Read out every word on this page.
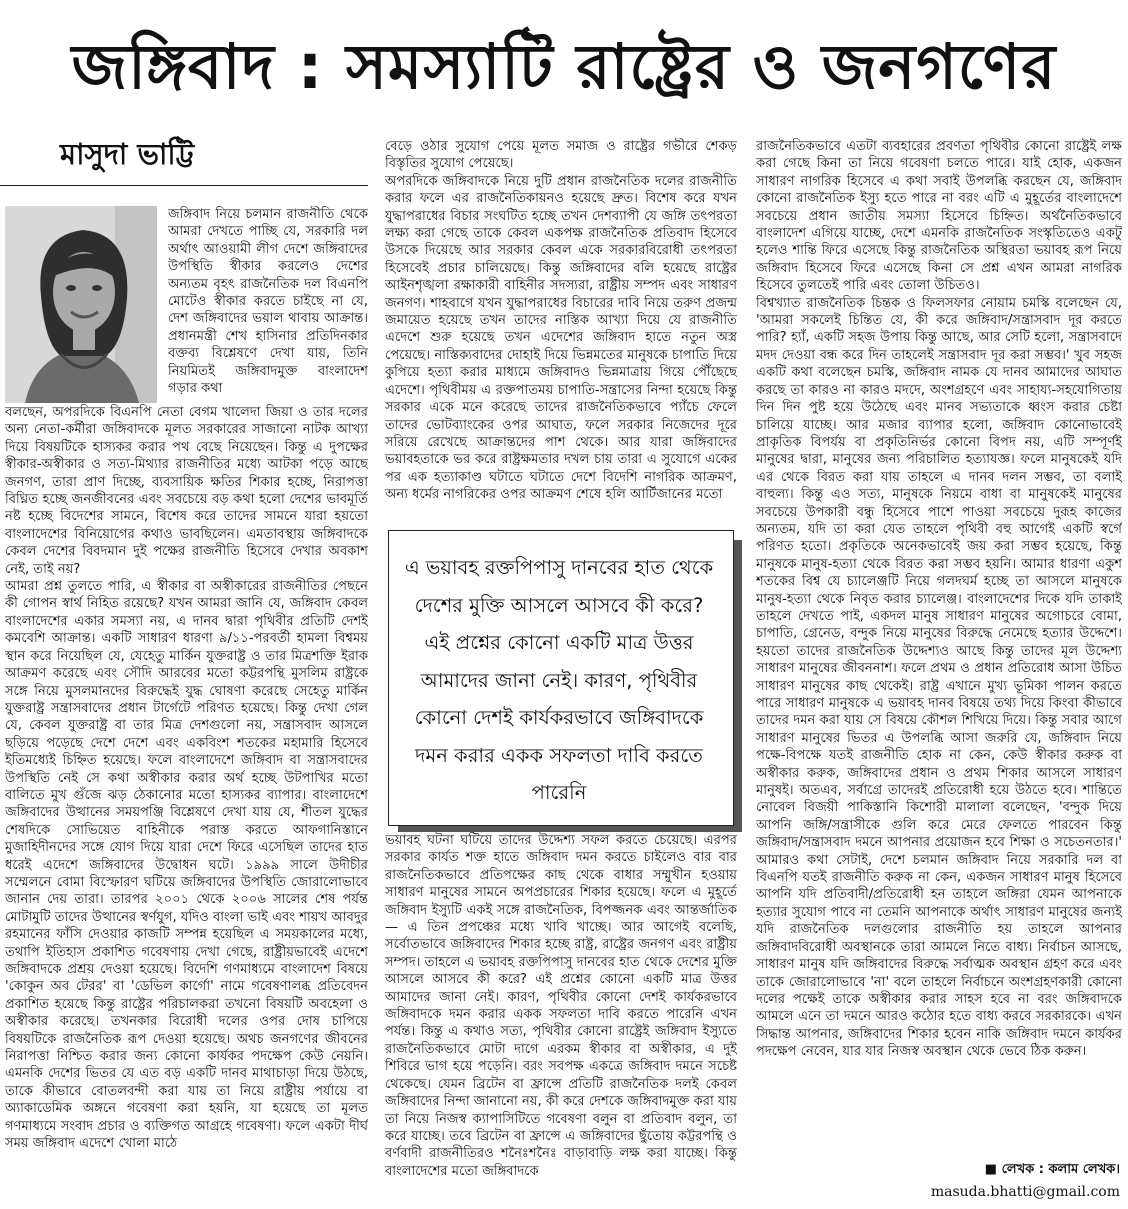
জঙ্গিবাদ : সমস্যাটি রাষ্ট্রের ও জনগণের
মাসুদা ভাট্টি

জঙ্গিবাদ নিয়ে চলমান রাজনীতি থেকে আমরা দেখতে পাচ্ছি যে, সরকারি দল অর্থাৎ আওয়ামী লীগ দেশে জঙ্গিবাদের উপস্থিতি স্বীকার করলেও দেশের অন্যতম বৃহৎ রাজনৈতিক দল বিএনপি মোটেও স্বীকার করতে চাইছে না যে, দেশ জঙ্গিবাদের ভয়াল থাবায় আক্রান্ত। প্রধানমন্ত্রী শেখ হাসিনার প্রতিদিনকার বক্তব্য বিশ্লেষণে দেখা যায়, তিনি নিয়মিতই জঙ্গিবাদমুক্ত বাংলাদেশ গড়ার কথা

বলছেন, অপরদিকে বিএনপি নেতা বেগম খালেদা জিয়া ও তার দলের অন্য নেতা-কর্মীরা জঙ্গিবাদকে মূলত সরকারের সাজানো নাটক আখ্যা দিয়ে বিষয়টিকে হাস্যকর করার পথ বেছে নিয়েছেন। কিন্তু এ দুপক্ষের স্বীকার-অস্বীকার ও সত্য-মিথ্যার রাজনীতির মধ্যে আটকা পড়ে আছে জনগণ, তারা প্রাণ দিচ্ছে, ব্যবসায়িক ক্ষতির শিকার হচ্ছে, নিরাপত্তা বিঘ্নিত হচ্ছে জনজীবনের এবং সবচেয়ে বড় কথা হলো দেশের ভাবমূর্তি নষ্ট হচ্ছে বিদেশের সামনে, বিশেষ করে তাদের সামনে যারা হয়তো বাংলাদেশের বিনিয়োগের কথাও ভাবছিলেন। এমতাবস্থায় জঙ্গিবাদকে কেবল দেশের বিবদমান দুই পক্ষের রাজনীতি হিসেবে দেখার অবকাশ নেই, তাই নয়?
আমরা প্রশ্ন তুলতে পারি, এ স্বীকার বা অস্বীকারের রাজনীতির পেছনে কী গোপন স্বার্থ নিহিত রয়েছে? যখন আমরা জানি যে, জঙ্গিবাদ কেবল বাংলাদেশের একার সমস্যা নয়, এ দানব দ্বারা পৃথিবীর প্রতিটি দেশই কমবেশি আক্রান্ত। একটি সাধারণ ধারণা ৯/১১-পরবর্তী হামলা বিশ্বময় স্থান করে নিয়েছিল যে, যেহেতু মার্কিন যুক্তরাষ্ট্র ও তার মিত্রশক্তি ইরাক আক্রমণ করেছে এবং সৌদি আরবের মতো কট্টরপন্থি মুসলিম রাষ্ট্রকে সঙ্গে নিয়ে মুসলমানদের বিরুদ্ধেই যুদ্ধ ঘোষণা করেছে সেহেতু মার্কিন যুক্তরাষ্ট্র সন্ত্রাসবাদের প্রধান টার্গেটে পরিণত হয়েছে। কিন্তু দেখা গেল যে, কেবল যুক্তরাষ্ট্র বা তার মিত্র দেশগুলো নয়, সন্ত্রাসবাদ আসলে ছড়িয়ে পড়েছে দেশে দেশে এবং একবিংশ শতকের মহামারি হিসেবে ইতিমধ্যেই চিহ্নিত হয়েছে। ফলে বাংলাদেশে জঙ্গিবাদ বা সন্ত্রাসবাদের উপস্থিতি নেই সে কথা অস্বীকার করার অর্থ হচ্ছে উটপাখির মতো বালিতে মুখ গুঁজে ঝড় ঠেকানোর মতো হাস্যকর ব্যাপার। বাংলাদেশে জঙ্গিবাদের উত্থানের সময়পঞ্জি বিশ্লেষণে দেখা যায় যে, শীতল যুদ্ধের শেষদিকে সোভিয়েত বাহিনীকে পরাস্ত করতে আফগানিস্তানে মুজাহিদীনদের সঙ্গে যোগ দিয়ে যারা দেশে ফিরে এসেছিল তাদের হাত ধরেই এদেশে জঙ্গিবাদের উদ্বোধন ঘটে। ১৯৯৯ সালে উদীচীর সম্মেলনে বোমা বিস্ফোরণ ঘটিয়ে জঙ্গিবাদের উপস্থিতি জোরালোভাবে জানান দেয় তারা। তারপর ২০০১ থেকে ২০০৬ সালের শেষ পর্যন্ত মোটামুটি তাদের উত্থানের স্বর্ণযুগ, যদিও বাংলা ভাই এবং শায়খ আবদুর রহমানের ফাঁসি দেওয়ার কাজটি সম্পন্ন হয়েছিল এ সময়কালের মধ্যে, তথাপি ইতিহাস প্রকাশিত গবেষণায় দেখা গেছে, রাষ্ট্রীয়ভাবেই এদেশে জঙ্গিবাদকে প্রশ্রয় দেওয়া হয়েছে। বিদেশি গণমাধ্যমে বাংলাদেশ বিষয়ে 'কোকুন অব টেরর' বা 'ডেভিল কার্গো' নামে গবেষণালব্ধ প্রতিবেদন প্রকাশিত হয়েছে কিন্তু রাষ্ট্রের পরিচালকরা তখনো বিষয়টি অবহেলা ও অস্বীকার করেছে। তখনকার বিরোধী দলের ওপর দোষ চাপিয়ে বিষয়টিকে রাজনৈতিক রূপ দেওয়া হয়েছে। অথচ জনগণের জীবনের নিরাপত্তা নিশ্চিত করার জন্য কোনো কার্যকর পদক্ষেপ কেউ নেয়নি। এমনকি দেশের ভিতর যে এত বড় একটি দানব মাথাচাড়া দিয়ে উঠছে, তাকে কীভাবে বোতলবন্দী করা যায় তা নিয়ে রাষ্ট্রীয় পর্যায়ে বা অ্যাকাডেমিক অঙ্গনে গবেষণা করা হয়নি, যা হয়েছে তা মূলত গণমাধ্যমে সংবাদ প্রচার ও ব্যক্তিগত আগ্রহে গবেষণা। ফলে একটা দীর্ঘ সময় জঙ্গিবাদ এদেশে খোলা মাঠে

বেড়ে ওঠার সুযোগ পেয়ে মূলত সমাজ ও রাষ্ট্রের গভীরে শেকড় বিস্তৃতির সুযোগ পেয়েছে।
অপরদিকে জঙ্গিবাদকে নিয়ে দুটি প্রধান রাজনৈতিক দলের রাজনীতি করার ফলে এর রাজনৈতিকায়নও হয়েছে দ্রুত। বিশেষ করে যখন যুদ্ধাপরাধের বিচার সংঘটিত হচ্ছে তখন দেশব্যাপী যে জঙ্গি তৎপরতা লক্ষ্য করা গেছে তাকে কেবল একপক্ষ রাজনৈতিক প্রতিবাদ হিসেবে উসকে দিয়েছে আর সরকার কেবল একে সরকারবিরোধী তৎপরতা হিসেবেই প্রচার চালিয়েছে। কিন্তু জঙ্গিবাদের বলি হয়েছে রাষ্ট্রের আইনশৃঙ্খলা রক্ষাকারী বাহিনীর সদস্যরা, রাষ্ট্রীয় সম্পদ এবং সাধারণ জনগণ। শাহবাগে যখন যুদ্ধাপরাধের বিচারের দাবি নিয়ে তরুণ প্রজন্ম জমায়েত হয়েছে তখন তাদের নাস্তিক আখ্যা দিয়ে যে রাজনীতি এদেশে শুরু হয়েছে তখন এদেশের জঙ্গিবাদ হাতে নতুন অস্ত্র পেয়েছে। নাস্তিক্যবাদের দোহাই দিয়ে ভিন্নমতের মানুষকে চাপাতি দিয়ে কুপিয়ে হত্যা করার মাধ্যমে জঙ্গিবাদও ভিন্নমাত্রায় গিয়ে পৌঁছেছে এদেশে। পৃথিবীময় এ রক্তপাতময় চাপাতি-সন্ত্রাসের নিন্দা হয়েছে কিন্তু সরকার একে মনে করেছে তাদের রাজনৈতিকভাবে প্যাঁচে ফেলে তাদের ভোটব্যাংকের ওপর আঘাত, ফলে সরকার নিজেদের দূরে সরিয়ে রেখেছে আক্রান্তদের পাশ থেকে। আর যারা জঙ্গিবাদের ভয়াবহতাকে ভর করে রাষ্ট্রক্ষমতার দখল চায় তারা এ সুযোগে একের পর এক হত্যাকাণ্ড ঘটাতে ঘটাতে দেশে বিদেশি নাগরিক আক্রমণ, অন্য ধর্মের নাগরিকের ওপর আক্রমণ শেষে হলি আর্টিজানের মতো

এ ভয়াবহ রক্তপিপাসু দানবের হাত থেকে দেশের মুক্তি আসলে আসবে কী করে? এই প্রশ্নের কোনো একটি মাত্র উত্তর আমাদের জানা নেই। কারণ, পৃথিবীর কোনো দেশই কার্যকরভাবে জঙ্গিবাদকে দমন করার একক সফলতা দাবি করতে পারেনি

ভয়াবহ ঘটনা ঘটিয়ে তাদের উদ্দেশ্য সফল করতে চেয়েছে। এরপর সরকার কার্যত শক্ত হাতে জঙ্গিবাদ দমন করতে চাইলেও বার বার রাজনৈতিকভাবে প্রতিপক্ষের কাছ থেকে বাধার সম্মুখীন হওয়ায় সাধারণ মানুষের সামনে অপপ্রচারের শিকার হয়েছে। ফলে এ মুহূর্তে জঙ্গিবাদ ইস্যুটি একই সঙ্গে রাজনৈতিক, বিপজ্জনক এবং আন্তর্জাতিক— এ তিন প্রপঞ্চের মধ্যে খাবি খাচ্ছে। আর আগেই বলেছি, সর্বোতভাবে জঙ্গিবাদের শিকার হচ্ছে রাষ্ট্র, রাষ্ট্রের জনগণ এবং রাষ্ট্রীয় সম্পদ। তাহলে এ ভয়াবহ রক্তপিপাসু দানবের হাত থেকে দেশের মুক্তি আসলে আসবে কী করে? এই প্রশ্নের কোনো একটি মাত্র উত্তর আমাদের জানা নেই। কারণ, পৃথিবীর কোনো দেশই কার্যকরভাবে জঙ্গিবাদকে দমন করার একক সফলতা দাবি করতে পারেনি এখন পর্যন্ত। কিন্তু এ কথাও সত্য, পৃথিবীর কোনো রাষ্ট্রেই জঙ্গিবাদ ইস্যুতে রাজনৈতিকভাবে মোটা দাগে এরকম স্বীকার বা অস্বীকার, এ দুই শিবিরে ভাগ হয়ে পড়েনি। বরং সবপক্ষ একত্রে জঙ্গিবাদ দমনে সচেষ্ট থেকেছে। যেমন ব্রিটেন বা ফ্রান্সে প্রতিটি রাজনৈতিক দলই কেবল জঙ্গিবাদের নিন্দা জানানো নয়, কী করে দেশকে জঙ্গিবাদমুক্ত করা যায় তা নিয়ে নিজস্ব ক্যাপাসিটিতে গবেষণা বলুন বা প্রতিবাদ বলুন, তা করে যাচ্ছে। তবে ব্রিটেন বা ফ্রান্সে এ জঙ্গিবাদের ছুঁতোয় কট্টরপন্থি ও বর্ণবাদী রাজনীতিরও শনৈঃশনৈঃ বাড়াবাড়ি লক্ষ করা যাচ্ছে। কিন্তু বাংলাদেশের মতো জঙ্গিবাদকে

রাজনৈতিকভাবে এতটা ব্যবহারের প্রবণতা পৃথিবীর কোনো রাষ্ট্রেই লক্ষ করা গেছে কিনা তা নিয়ে গবেষণা চলতে পারে। যাই হোক, একজন সাধারণ নাগরিক হিসেবে এ কথা সবাই উপলব্ধি করছেন যে, জঙ্গিবাদ কোনো রাজনৈতিক ইস্যু হতে পারে না বরং এটি এ মুহূর্তের বাংলাদেশে সবচেয়ে প্রধান জাতীয় সমস্যা হিসেবে চিহ্নিত। অর্থনৈতিকভাবে বাংলাদেশ এগিয়ে যাচ্ছে, দেশে এমনকি রাজনৈতিক সংস্কৃতিতেও একটু হলেও শান্তি ফিরে এসেছে কিন্তু রাজনৈতিক অস্থিরতা ভয়াবহ রূপ নিয়ে জঙ্গিবাদ হিসেবে ফিরে এসেছে কিনা সে প্রশ্ন এখন আমরা নাগরিক হিসেবে তুলতেই পারি এবং তোলা উচিতও।
বিশ্বখ্যাত রাজনৈতিক চিন্তক ও ফিলসফার নোয়াম চমস্কি বলেছেন যে, 'আমরা সকলেই চিন্তিত যে, কী করে জঙ্গিবাদ/সন্ত্রাসবাদ দূর করতে পারি? হ্যাঁ, একটি সহজ উপায় কিন্তু আছে, আর সেটি হলো, সন্ত্রাসবাদে মদদ দেওয়া বন্ধ করে দিন তাহলেই সন্ত্রাসবাদ দূর করা সম্ভব।' খুব সহজ একটি কথা বলেছেন চমস্কি, জঙ্গিবাদ নামক যে দানব আমাদের আঘাত করছে তা কারও না কারও মদদে, অংশগ্রহণে এবং সাহায্য-সহযোগিতায় দিন দিন পুষ্ট হয়ে উঠেছে এবং মানব সভ্যতাকে ধ্বংস করার চেষ্টা চালিয়ে যাচ্ছে। আর মজার ব্যাপার হলো, জঙ্গিবাদ কোনোভাবেই প্রাকৃতিক বিপর্যয় বা প্রকৃতিনির্ভর কোনো বিপদ নয়, এটি সম্পূর্ণই মানুষের দ্বারা, মানুষের জন্য পরিচালিত হত্যাযজ্ঞ। ফলে মানুষকেই যদি এর থেকে বিরত করা যায় তাহলে এ দানব দলন সম্ভব, তা বলাই বাহুল্য। কিন্তু এও সত্য, মানুষকে নিয়মে বাধা বা মানুষকেই মানুষের সবচেয়ে উপকারী বন্ধু হিসেবে পাশে পাওয়া সবচেয়ে দুরূহ কাজের অন্যতম, যদি তা করা যেত তাহলে পৃথিবী বহু আগেই একটি স্বর্গে পরিণত হতো। প্রকৃতিকে অনেকভাবেই জয় করা সম্ভব হয়েছে, কিন্তু মানুষকে মানুষ-হত্যা থেকে বিরত করা সম্ভব হয়নি। আমার ধারণা একুশ শতকের বিশ্ব যে চ্যালেঞ্জটি নিয়ে গলদঘর্ম হচ্ছে তা আসলে মানুষকে মানুষ-হত্যা থেকে নিবৃত করার চ্যালেঞ্জ। বাংলাদেশের দিকে যদি তাকাই তাহলে দেখতে পাই, একদল মানুষ সাধারণ মানুষের অগোচরে বোমা, চাপাতি, গ্রেনেড, বন্দুক নিয়ে মানুষের বিরুদ্ধে নেমেছে হত্যার উদ্দেশে। হয়তো তাদের রাজনৈতিক উদ্দেশ্যও আছে কিন্তু তাদের মূল উদ্দেশ্য সাধারণ মানুষের জীবননাশ। ফলে প্রথম ও প্রধান প্রতিরোধ আসা উচিত সাধারণ মানুষের কাছ থেকেই। রাষ্ট্র এখানে মুখ্য ভূমিকা পালন করতে পারে সাধারণ মানুষকে এ ভয়াবহ দানব বিষয়ে তথ্য দিয়ে কিংবা কীভাবে তাদের দমন করা যায় সে বিষয়ে কৌশল শিখিয়ে দিয়ে। কিন্তু সবার আগে সাধারণ মানুষের ভিতর এ উপলব্ধি আসা জরুরি যে, জঙ্গিবাদ নিয়ে পক্ষে-বিপক্ষে যতই রাজনীতি হোক না কেন, কেউ স্বীকার করুক বা অস্বীকার করুক, জঙ্গিবাদের প্রধান ও প্রথম শিকার আসলে সাধারণ মানুষই। অতএব, সর্বাগ্রে তাদেরই প্রতিরোধী হয়ে উঠতে হবে। শান্তিতে নোবেল বিজয়ী পাকিস্তানি কিশোরী মালালা বলেছেন, 'বন্দুক দিয়ে আপনি জঙ্গি/সন্ত্রাসীকে গুলি করে মেরে ফেলতে পারবেন কিন্তু জঙ্গিবাদ/সন্ত্রাসবাদ দমনে আপনার প্রয়োজন হবে শিক্ষা ও সচেতনতার।' আমারও কথা সেটাই, দেশে চলমান জঙ্গিবাদ নিয়ে সরকারি দল বা বিএনপি যতই রাজনীতি করুক না কেন, একজন সাধারণ মানুষ হিসেবে আপনি যদি প্রতিবাদী/প্রতিরোধী হন তাহলে জঙ্গিরা যেমন আপনাকে হত্যার সুযোগ পাবে না তেমনি আপনাকে অর্থাৎ সাধারণ মানুষের জন্যই যদি রাজনৈতিক দলগুলোর রাজনীতি হয় তাহলে আপনার জঙ্গিবাদবিরোধী অবস্থানকে তারা আমলে নিতে বাধ্য। নির্বাচন আসছে, সাধারণ মানুষ যদি জঙ্গিবাদের বিরুদ্ধে সর্বাত্মক অবস্থান গ্রহণ করে এবং তাকে জোরালোভাবে 'না' বলে তাহলে নির্বাচনে অংশগ্রহণকারী কোনো দলের পক্ষেই তাকে অস্বীকার করার সাহস হবে না বরং জঙ্গিবাদকে আমলে এনে তা দমনে আরও কঠোর হতে বাধ্য করবে সরকারকে। এখন সিদ্ধান্ত আপনার, জঙ্গিবাদের শিকার হবেন নাকি জঙ্গিবাদ দমনে কার্যকর পদক্ষেপ নেবেন, যার যার নিজস্ব অবস্থান থেকে ভেবে ঠিক করুন।

■ লেখক : কলাম লেখক।
masuda.bhatti@gmail.com
